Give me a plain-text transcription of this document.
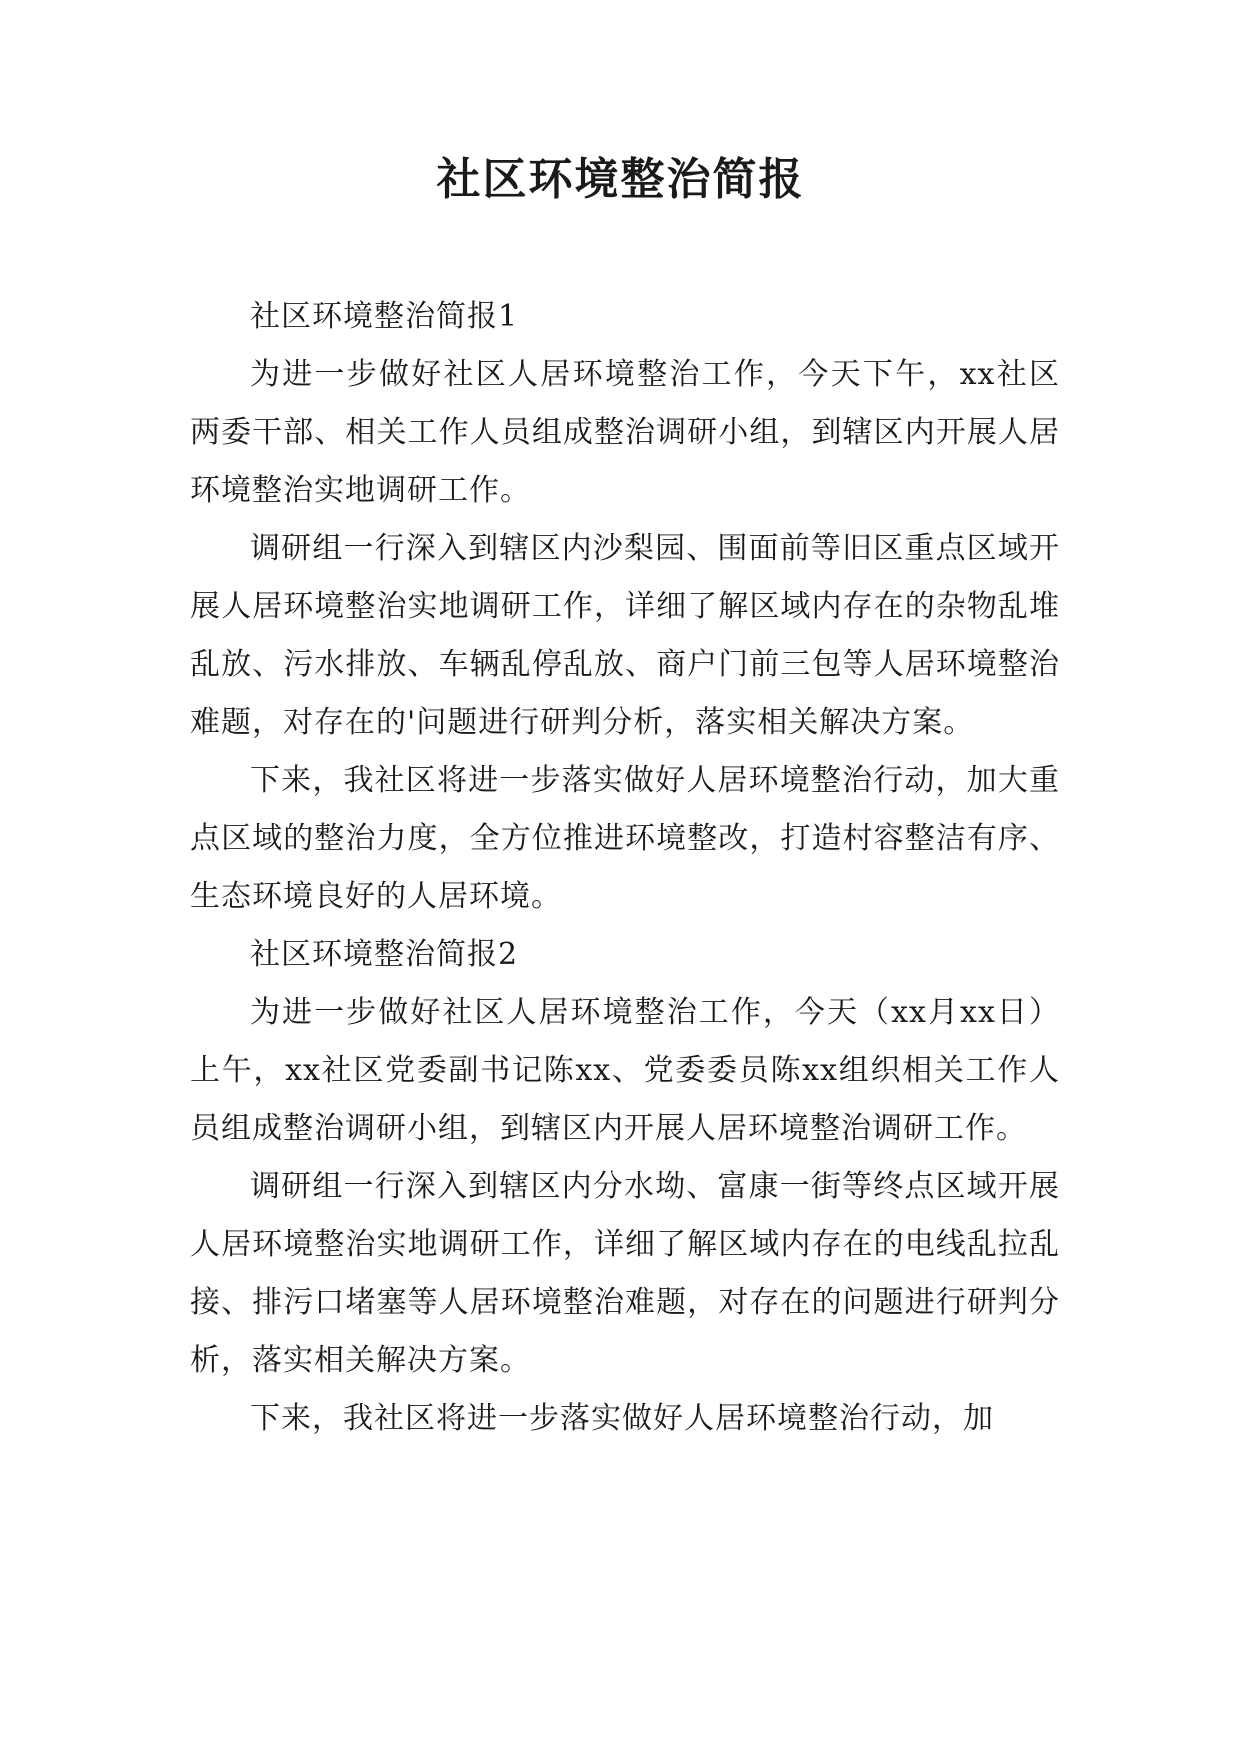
社区环境整治简报

社区环境整治简报1

为进一步做好社区人居环境整治工作，今天下午，xx社区两委干部、相关工作人员组成整治调研小组，到辖区内开展人居环境整治实地调研工作。

调研组一行深入到辖区内沙梨园、围面前等旧区重点区域开展人居环境整治实地调研工作，详细了解区域内存在的杂物乱堆乱放、污水排放、车辆乱停乱放、商户门前三包等人居环境整治难题，对存在的'问题进行研判分析，落实相关解决方案。

下来，我社区将进一步落实做好人居环境整治行动，加大重点区域的整治力度，全方位推进环境整改，打造村容整洁有序、生态环境良好的人居环境。

社区环境整治简报2

为进一步做好社区人居环境整治工作，今天（xx月xx日）上午，xx社区党委副书记陈xx、党委委员陈xx组织相关工作人员组成整治调研小组，到辖区内开展人居环境整治调研工作。

调研组一行深入到辖区内分水坳、富康一街等终点区域开展人居环境整治实地调研工作，详细了解区域内存在的电线乱拉乱接、排污口堵塞等人居环境整治难题，对存在的问题进行研判分析，落实相关解决方案。

下来，我社区将进一步落实做好人居环境整治行动，加
